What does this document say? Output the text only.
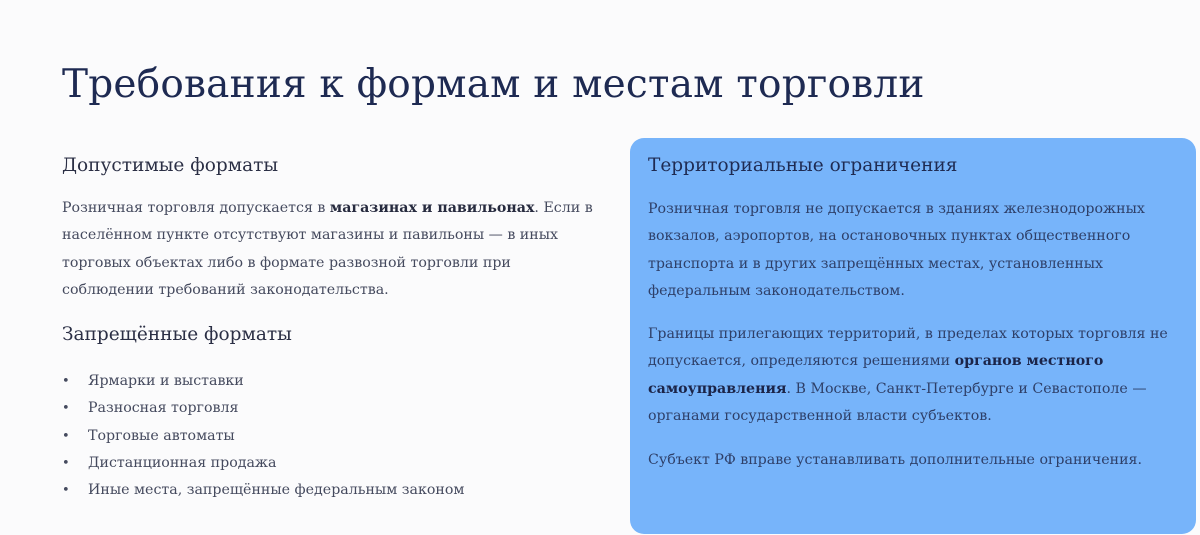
Требования к формам и местам торговли
Допустимые форматы

Розничная торговля допускается в магазинах и павильонах. Если в населённом пункте отсутствуют магазины и павильоны — в иных торговых объектах либо в формате развозной торговли при соблюдении требований законодательства.

Запрещённые форматы
• Ярмарки и выставки
• Разносная торговля
• Торговые автоматы
• Дистанционная продажа
• Иные места, запрещённые федеральным законом
Территориальные ограничения

Розничная торговля не допускается в зданиях железнодорожных вокзалов, аэропортов, на остановочных пунктах общественного транспорта и в других запрещённых местах, установленных федеральным законодательством.

Границы прилегающих территорий, в пределах которых торговля не допускается, определяются решениями органов местного самоуправления. В Москве, Санкт-Петербурге и Севастополе — органами государственной власти субъектов.

Субъект РФ вправе устанавливать дополнительные ограничения.
